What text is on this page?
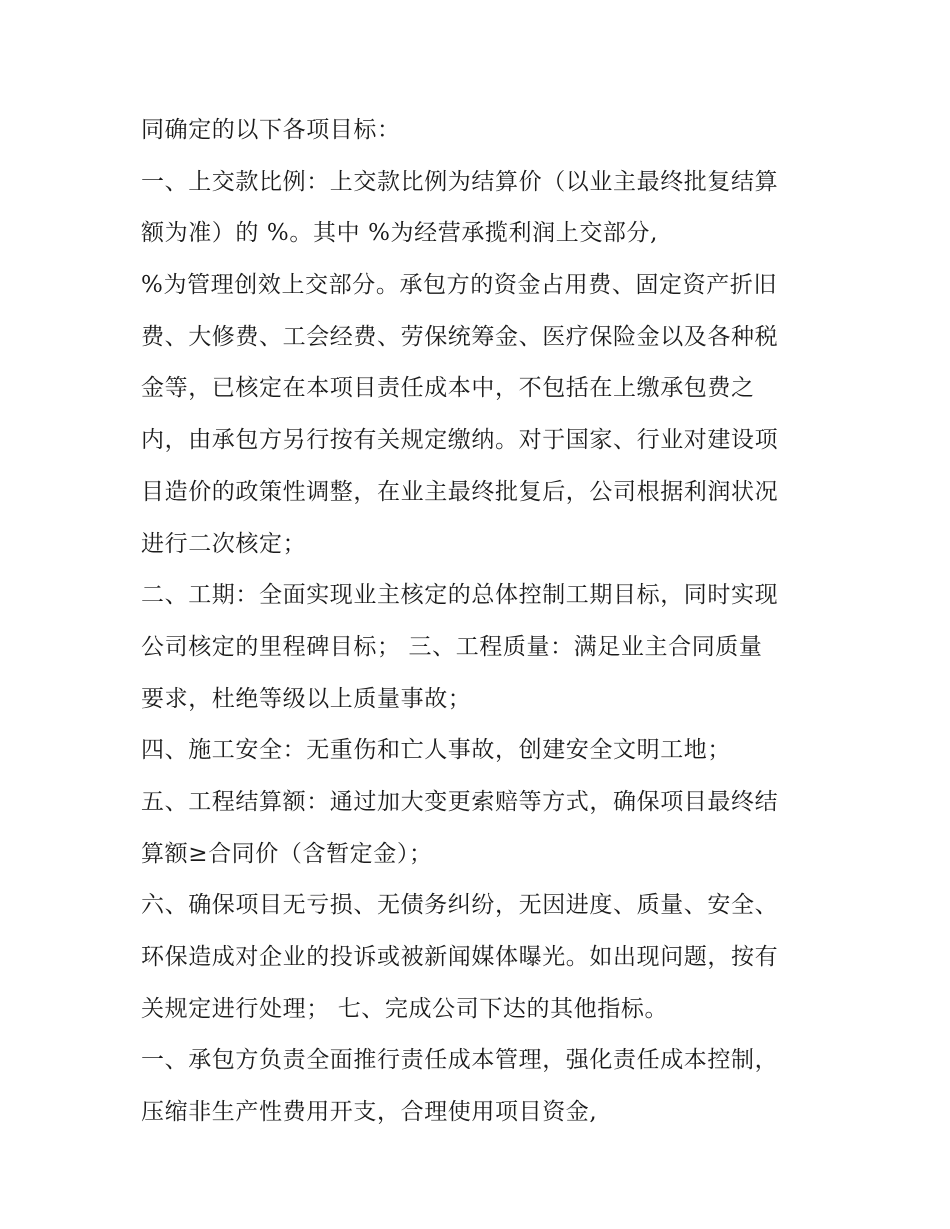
同确定的以下各项目标：
一、上交款比例：上交款比例为结算价（以业主最终批复结算
额为准）的 %。其中 %为经营承揽利润上交部分,
%为管理创效上交部分。承包方的资金占用费、固定资产折旧
费、大修费、工会经费、劳保统筹金、医疗保险金以及各种税
金等，已核定在本项目责任成本中，不包括在上缴承包费之
内，由承包方另行按有关规定缴纳。对于国家、行业对建设项
目造价的政策性调整，在业主最终批复后，公司根据利润状况
进行二次核定；
二、工期：全面实现业主核定的总体控制工期目标，同时实现
公司核定的里程碑目标； 三、工程质量：满足业主合同质量
要求，杜绝等级以上质量事故；
四、施工安全：无重伤和亡人事故，创建安全文明工地；
五、工程结算额：通过加大变更索赔等方式，确保项目最终结
算额≥合同价（含暂定金）；
六、确保项目无亏损、无债务纠纷，无因进度、质量、安全、
环保造成对企业的投诉或被新闻媒体曝光。如出现问题，按有
关规定进行处理； 七、完成公司下达的其他指标。
一、承包方负责全面推行责任成本管理，强化责任成本控制，
压缩非生产性费用开支，合理使用项目资金,
